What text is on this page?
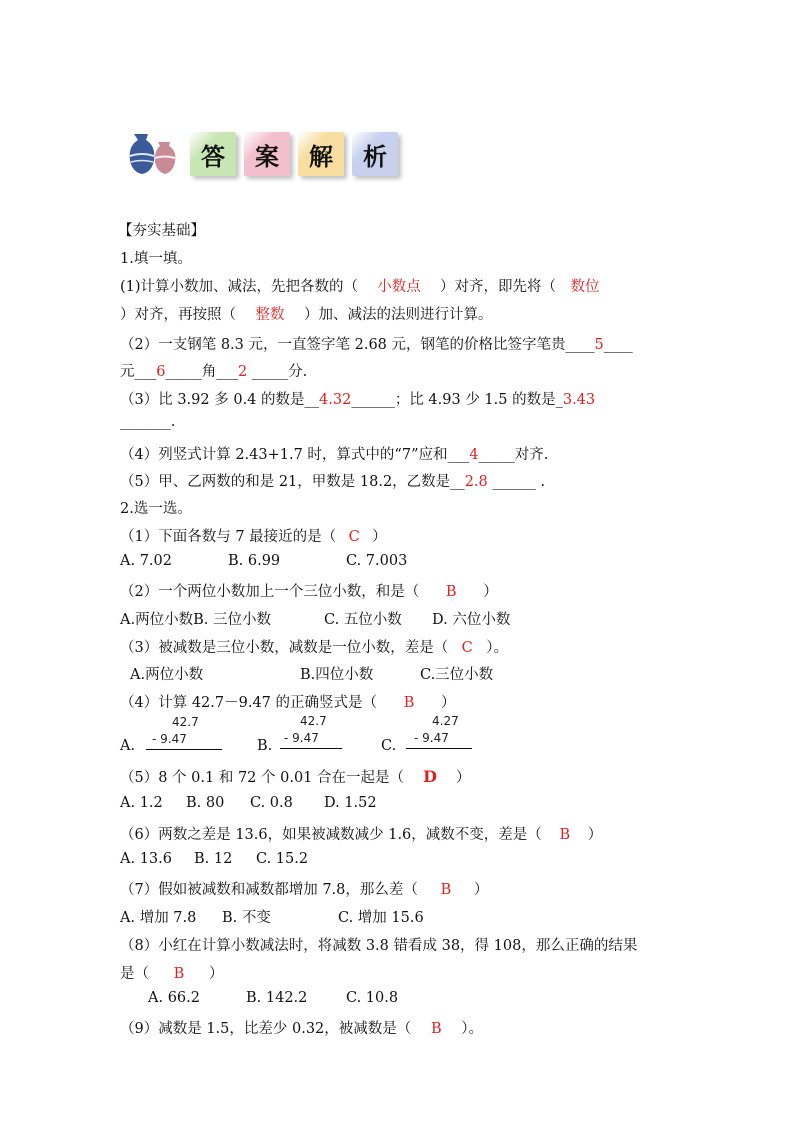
答	案	解	析
【夯实基础】
1.填一填。
(1)计算小数加、减法，先把各数的（ 小数点 ）对齐，即先将（ 数位
）对齐，再按照（ 整数 ）加、减法的法则进行计算。
（2）一支钢笔 8.3 元，一直签字笔 2.68 元，钢笔的价格比签字笔贵____5____
元___6_____角___2 _____分.
（3）比 3.92 多 0.4 的数是__4.32______；比 4.93 少 1.5 的数是_3.43
_______.
（4）列竖式计算 2.43+1.7 时，算式中的“7”应和___4_____对齐.
（5）甲、乙两数的和是 21，甲数是 18.2，乙数是__2.8 ______ .
2.选一选。
（1）下面各数与 7 最接近的是（ C ）
A. 7.02	B. 6.99	C. 7.003
（2）一个两位小数加上一个三位小数，和是（ B ）
A.两位小数B. 三位小数	C. 五位小数 D. 六位小数
（3）被减数是三位小数，减数是一位小数，差是（ C ）。
A.两位小数	B.四位小数	C.三位小数
（4）计算 42.7－9.47 的正确竖式是（ B ）
A.
42.7
- 9.47	B.
42.7
- 9.47	C.
4.27
- 9.47
（5）8 个 0.1 和 72 个 0.01 合在一起是（ D ）
A. 1.2 B. 80 C. 0.8 D. 1.52
（6）两数之差是 13.6，如果被减数减少 1.6，减数不变，差是（ B ）
A. 13.6 B. 12 C. 15.2
（7）假如被减数和减数都增加 7.8，那么差（ B ）
A. 增加 7.8 B. 不变	C. 增加 15.6
（8）小红在计算小数减法时，将减数 3.8 错看成 38，得 108，那么正确的结果
是（ B ）
A. 66.2	B. 142.2	C. 10.8
（9）减数是 1.5，比差少 0.32，被减数是（ B ）。
